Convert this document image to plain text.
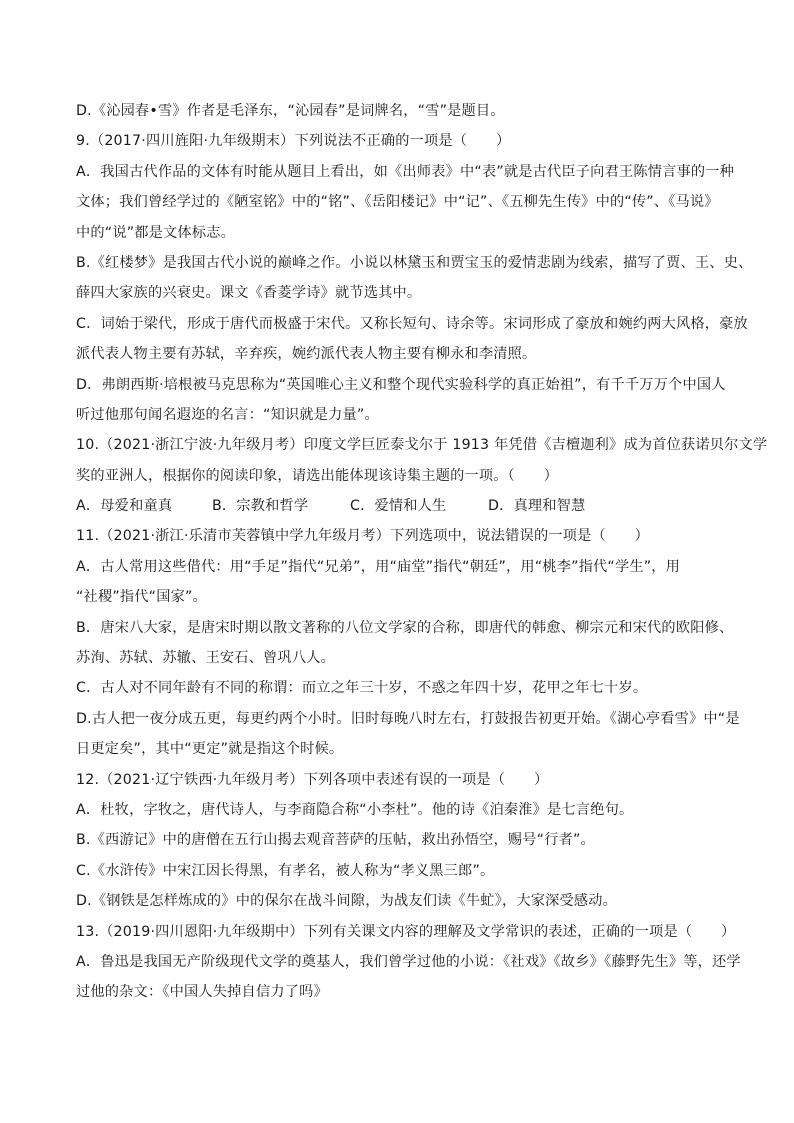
D.《沁园春•雪》作者是毛泽东，“沁园春”是词牌名，“雪”是题目。
9.（2017·四川旌阳·九年级期末）下列说法不正确的一项是（　　）
A．我国古代作品的文体有时能从题目上看出，如《出师表》中“表”就是古代臣子向君王陈情言事的一种
文体；我们曾经学过的《陋室铭》中的“铭”、《岳阳楼记》中“记”、《五柳先生传》中的“传”、《马说》
中的“说”都是文体标志。
B.《红楼梦》是我国古代小说的巅峰之作。小说以林黛玉和贾宝玉的爱情悲剧为线索，描写了贾、王、史、
薛四大家族的兴衰史。课文《香菱学诗》就节选其中。
C．词始于梁代，形成于唐代而极盛于宋代。又称长短句、诗余等。宋词形成了豪放和婉约两大风格，豪放
派代表人物主要有苏轼，辛弃疾，婉约派代表人物主要有柳永和李清照。
D．弗朗西斯·培根被马克思称为“英国唯心主义和整个现代实验科学的真正始祖”，有千千万万个中国人
听过他那句闻名遐迩的名言：“知识就是力量”。
10.（2021·浙江宁波·九年级月考）印度文学巨匠泰戈尔于 1913 年凭借《吉檀迦利》成为首位获诺贝尔文学
奖的亚洲人，根据你的阅读印象，请选出能体现该诗集主题的一项。（　　）
A．母爱和童真	B．宗教和哲学	C．爱情和人生	D．真理和智慧
11.（2021·浙江·乐清市芙蓉镇中学九年级月考）下列选项中，说法错误的一项是（　　）
A．古人常用这些借代：用“手足”指代“兄弟”，用“庙堂”指代“朝廷”，用“桃李”指代“学生”，用
“社稷”指代“国家”。
B．唐宋八大家，是唐宋时期以散文著称的八位文学家的合称，即唐代的韩愈、柳宗元和宋代的欧阳修、
苏洵、苏轼、苏辙、王安石、曾巩八人。
C．古人对不同年龄有不同的称谓：而立之年三十岁，不惑之年四十岁，花甲之年七十岁。
D.古人把一夜分成五更，每更约两个小时。旧时每晚八时左右，打鼓报告初更开始。《湖心亭看雪》中“是
日更定矣”，其中“更定”就是指这个时候。
12.（2021·辽宁铁西·九年级月考）下列各项中表述有误的一项是（　　）
A．杜牧，字牧之，唐代诗人，与李商隐合称“小李杜”。他的诗《泊秦淮》是七言绝句。
B.《西游记》中的唐僧在五行山揭去观音菩萨的压帖，救出孙悟空，赐号“行者”。
C.《水浒传》中宋江因长得黑，有孝名，被人称为“孝义黑三郎”。
D.《钢铁是怎样炼成的》中的保尔在战斗间隙，为战友们读《牛虻》，大家深受感动。
13.（2019·四川恩阳·九年级期中）下列有关课文内容的理解及文学常识的表述，正确的一项是（　　）
A．鲁迅是我国无产阶级现代文学的奠基人，我们曾学过他的小说：《社戏》《故乡》《藤野先生》等，还学
过他的杂文：《中国人失掉自信力了吗》
